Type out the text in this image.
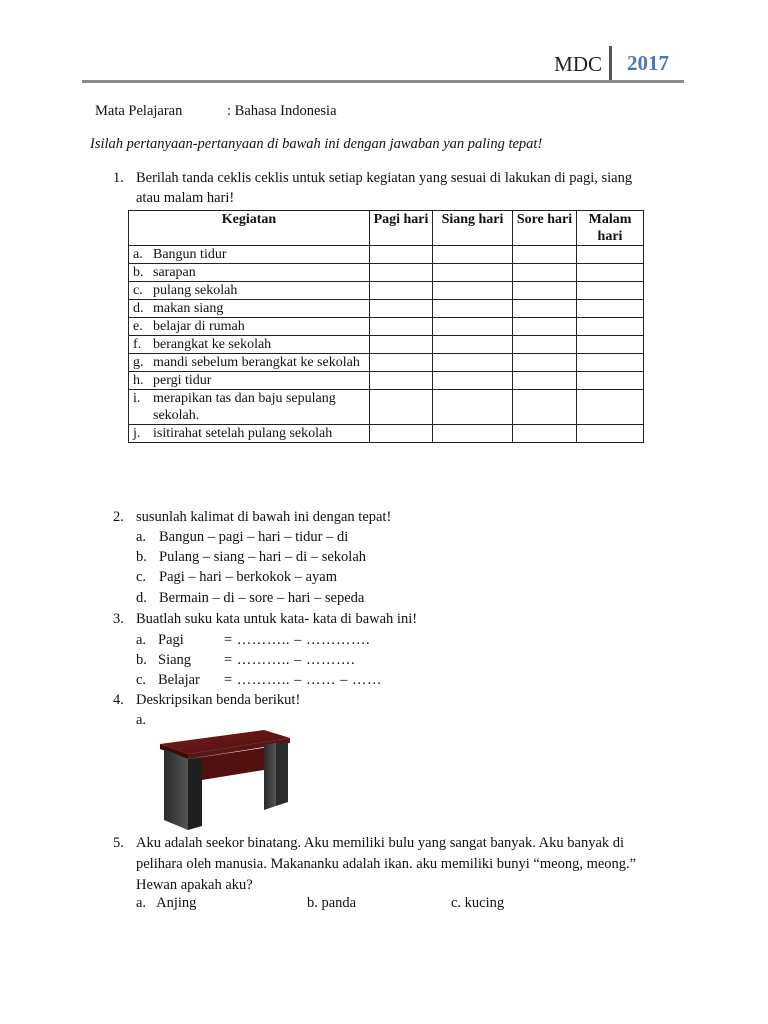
MDC 2017
Mata Pelajaran	: Bahasa Indonesia
Isilah pertanyaan-pertanyaan di bawah ini dengan jawaban yan paling tepat!
1. Berilah tanda ceklis ceklis untuk setiap kegiatan yang sesuai di lakukan di pagi, siang atau malam hari!
Kegiatan	Pagi hari	Siang hari	Sore hari	Malam hari

a. Bangun tidur				

b. sarapan				

c. pulang sekolah				

d. makan siang				

e. belajar di rumah				

f. berangkat ke sekolah				

g. mandi sebelum berangkat ke sekolah				

h. pergi tidur				

i. merapikan tas dan baju sepulang sekolah.				

j. isitirahat setelah pulang sekolah				

2. susunlah kalimat di bawah ini dengan tepat!
a. Bangun – pagi – hari – tidur – di
b. Pulang – siang – hari – di – sekolah
c. Pagi – hari – berkokok – ayam
d. Bermain – di – sore – hari – sepeda
3. Buatlah suku kata untuk kata- kata di bawah ini!
a. Pagi	= ……….. – ………….
b. Siang = ……….. – ……….
c. Belajar = ……….. – …… – ……
4. Deskripsikan benda berikut!
a.
5. Aku adalah seekor binatang. Aku memiliki bulu yang sangat banyak. Aku banyak di
pelihara oleh manusia. Makananku adalah ikan. aku memiliki bunyi “meong, meong.”
Hewan apakah aku?
a.   Anjing	b. panda	c. kucing
